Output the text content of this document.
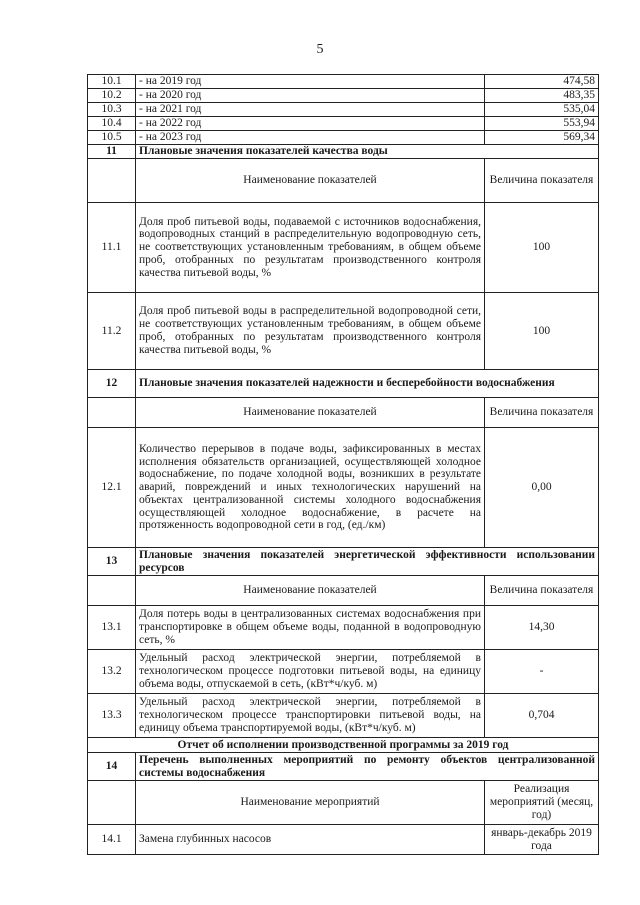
5
10.1	- на 2019 год	474,58
10.2	- на 2020 год	483,35
10.3	- на 2021 год	535,04
10.4	- на 2022 год	553,94
10.5	- на 2023 год	569,34
11	Плановые значения показателей качества воды	
	Наименование показателей	Величина показателя
11.1	Доля проб питьевой воды, подаваемой с источников водоснабжения, водопроводных станций в распределительную водопроводную сеть, не соответствующих установленным требованиям, в общем объеме проб, отобранных по результатам производственного контроля качества питьевой воды, %	100
11.2	Доля проб питьевой воды в распределительной водопроводной сети, не соответствующих установленным требованиям, в общем объеме проб, отобранных по результатам производственного контроля качества питьевой воды, %	100
12	Плановые значения показателей надежности и бесперебойности водоснабжения	
	Наименование показателей	Величина показателя
12.1	Количество перерывов в подаче воды, зафиксированных в местах исполнения обязательств организацией, осуществляющей холодное водоснабжение, по подаче холодной воды, возникших в результате аварий, повреждений и иных технологических нарушений на объектах централизованной системы холодного водоснабжения осуществляющей холодное водоснабжение, в расчете на протяженность водопроводной сети в год, (ед./км)	0,00
13	Плановые значения показателей энергетической эффективности использовании ресурсов	
	Наименование показателей	Величина показателя
13.1	Доля потерь воды в централизованных системах водоснабжения при транспортировке в общем объеме воды, поданной в водопроводную сеть, %	14,30
13.2	Удельный расход электрической энергии, потребляемой в технологическом процессе подготовки питьевой воды, на единицу объема воды, отпускаемой в сеть, (кВт*ч/куб. м)	-
13.3	Удельный расход электрической энергии, потребляемой в технологическом процессе транспортировки питьевой воды, на единицу объема транспортируемой воды, (кВт*ч/куб. м)	0,704
Отчет об исполнении производственной программы за 2019 год		
14	Перечень выполненных мероприятий по ремонту объектов централизованной системы водоснабжения	
	Наименование мероприятий	Реализация мероприятий (месяц, год)
14.1	Замена глубинных насосов	январь-декабрь 2019 года
